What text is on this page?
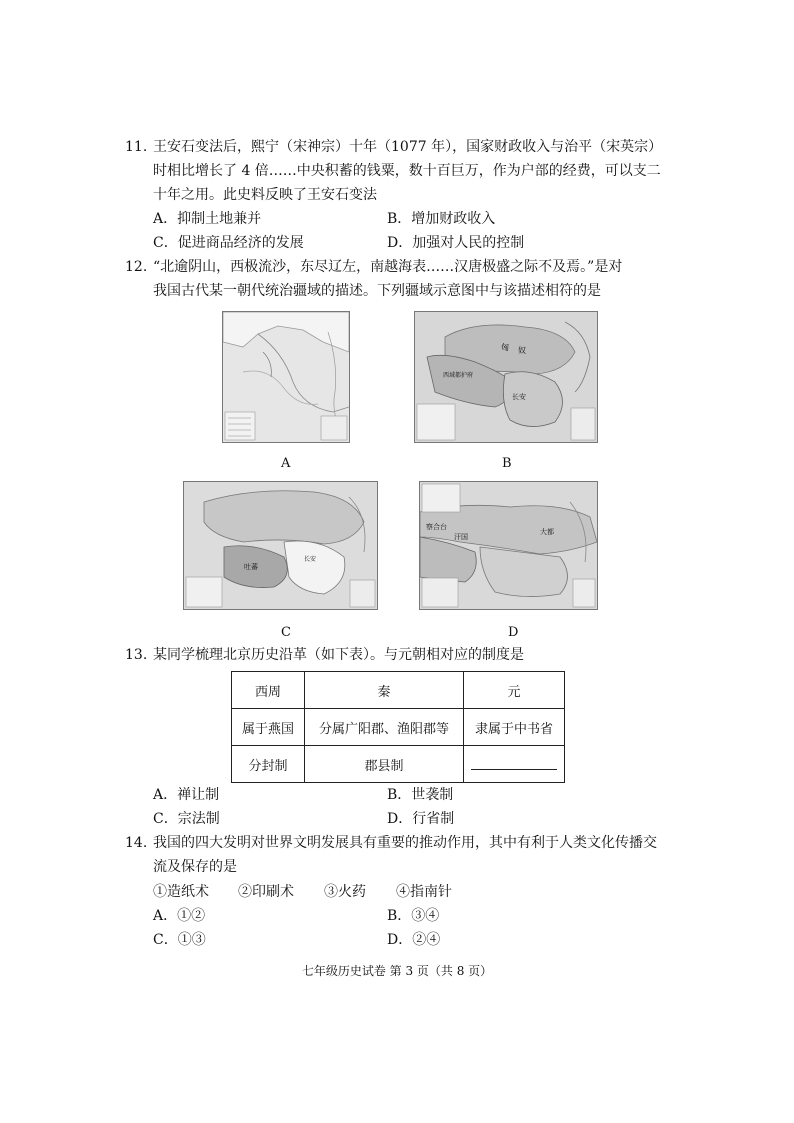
11. 王安石变法后，熙宁（宋神宗）十年（1077 年），国家财政收入与治平（宋英宗）
时相比增长了 4 倍……中央积蓄的钱粟，数十百巨万，作为户部的经费，可以支二
十年之用。此史料反映了王安石变法
A．抑制土地兼并	B．增加财政收入
C．促进商品经济的发展	D．加强对人民的控制
12. “北逾阴山，西极流沙，东尽辽左，南越海表……汉唐极盛之际不及焉。”是对
我国古代某一朝代统治疆域的描述。下列疆域示意图中与该描述相符的是
A
匈 奴
西域都护府
长安
B
吐蕃
长安
C
察合台
汗国
大都
D
13. 某同学梳理北京历史沿革（如下表）。与元朝相对应的制度是
西周	秦	元
属于燕国	分属广阳郡、渔阳郡等	隶属于中书省
分封制	郡县制	
A．禅让制	B．世袭制
C．宗法制	D．行省制
14. 我国的四大发明对世界文明发展具有重要的推动作用，其中有利于人类文化传播交
流及保存的是
①造纸术 ②印刷术 ③火药 ④指南针
A．①②	B．③④
C．①③	D．②④
七年级历史试卷 第 3 页（共 8 页）
